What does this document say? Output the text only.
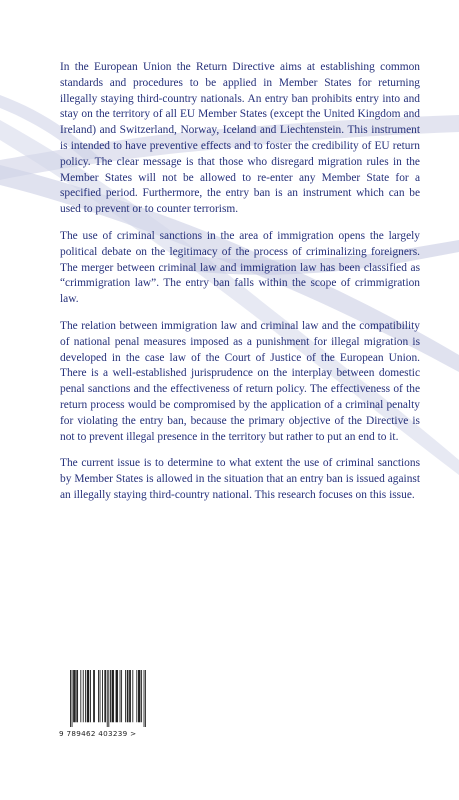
In the European Union the Return Directive aims at establishing common standards and procedures to be applied in Member States for returning illegally staying third-country nationals. An entry ban prohibits entry into and stay on the territory of all EU Member States (except the United Kingdom and Ireland) and Switzerland, Norway, Iceland and Liechtenstein. This instrument is intended to have preventive effects and to foster the credibility of EU return policy. The clear message is that those who disregard migration rules in the Member States will not be allowed to re-enter any Member State for a specified period. Furthermore, the entry ban is an instrument which can be used to prevent or to counter terrorism.

The use of criminal sanctions in the area of immigration opens the largely political debate on the legitimacy of the process of criminalizing foreigners. The merger between criminal law and immigration law has been classified as “crimmigration law”. The entry ban falls within the scope of crimmigration law.

The relation between immigration law and criminal law and the compatibility of national penal measures imposed as a punishment for illegal migration is developed in the case law of the Court of Justice of the European Union. There is a well-established jurisprudence on the interplay between domestic penal sanctions and the effectiveness of return policy. The effectiveness of the return process would be compromised by the application of a criminal penalty for violating the entry ban, because the primary objective of the Directive is not to prevent illegal presence in the territory but rather to put an end to it.

The current issue is to determine to what extent the use of criminal sanctions by Member States is allowed in the situation that an entry ban is issued against an illegally staying third-country national. This research focuses on this issue.

9 789462 403239 >
